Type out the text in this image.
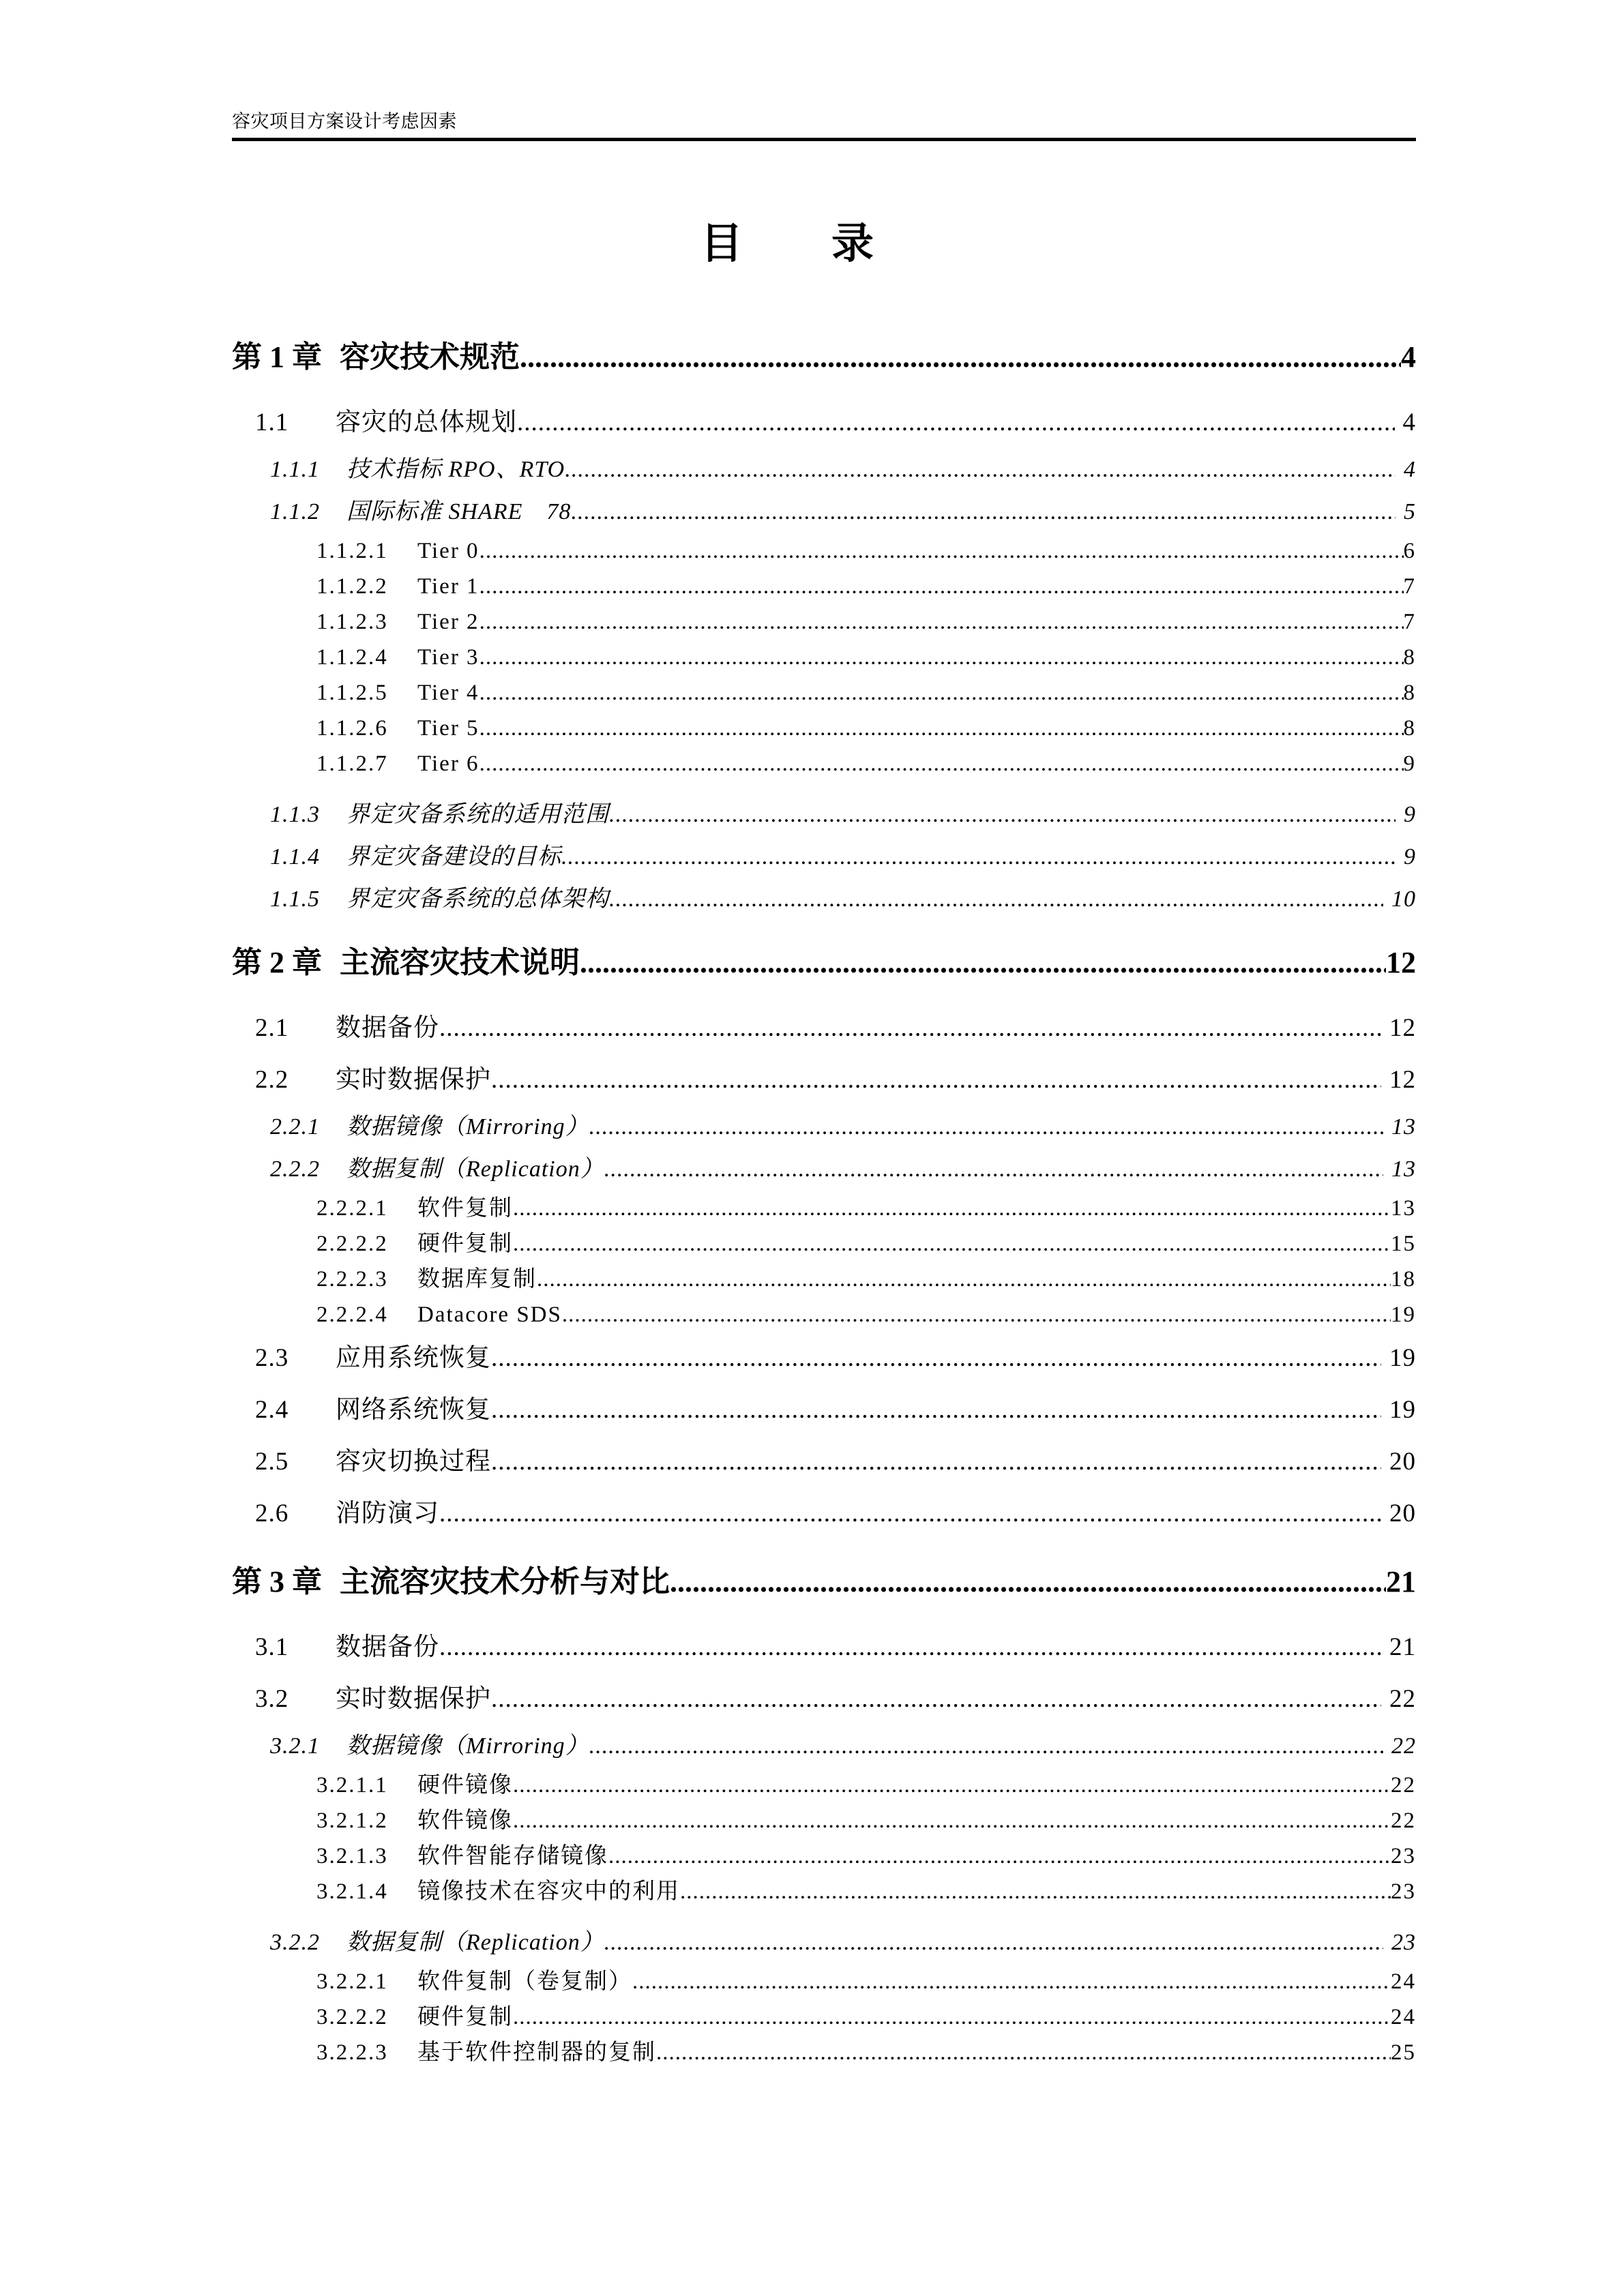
容灾项目方案设计考虑因素
目　　录
第 1 章 容灾技术规范 .....	4
1.1	容灾的总体规划 .....	4
1.1.1	技术指标 RPO、RTO .....	4
1.1.2	国际标准 SHARE　78 .....	5
1.1.2.1	Tier 0 .....	6
1.1.2.2	Tier 1 .....	7
1.1.2.3	Tier 2 .....	7
1.1.2.4	Tier 3 .....	8
1.1.2.5	Tier 4 .....	8
1.1.2.6	Tier 5 .....	8
1.1.2.7	Tier 6 .....	9
1.1.3	界定灾备系统的适用范围 .....	9
1.1.4	界定灾备建设的目标 .....	9
1.1.5	界定灾备系统的总体架构 .....	10
第 2 章 主流容灾技术说明 .....	12
2.1	数据备份 .....	12
2.2	实时数据保护 .....	12
2.2.1	数据镜像（Mirroring） .....	13
2.2.2	数据复制（Replication） .....	13
2.2.2.1	软件复制 .....	13
2.2.2.2	硬件复制 .....	15
2.2.2.3	数据库复制 .....	18
2.2.2.4	Datacore SDS .....	19
2.3	应用系统恢复 .....	19
2.4	网络系统恢复 .....	19
2.5	容灾切换过程 .....	20
2.6	消防演习 .....	20
第 3 章 主流容灾技术分析与对比 .....	21
3.1	数据备份 .....	21
3.2	实时数据保护 .....	22
3.2.1	数据镜像（Mirroring） .....	22
3.2.1.1	硬件镜像 .....	22
3.2.1.2	软件镜像 .....	22
3.2.1.3	软件智能存储镜像 .....	23
3.2.1.4	镜像技术在容灾中的利用 .....	23
3.2.2	数据复制（Replication） .....	23
3.2.2.1	软件复制（卷复制） .....	24
3.2.2.2	硬件复制 .....	24
3.2.2.3	基于软件控制器的复制 .....	25
